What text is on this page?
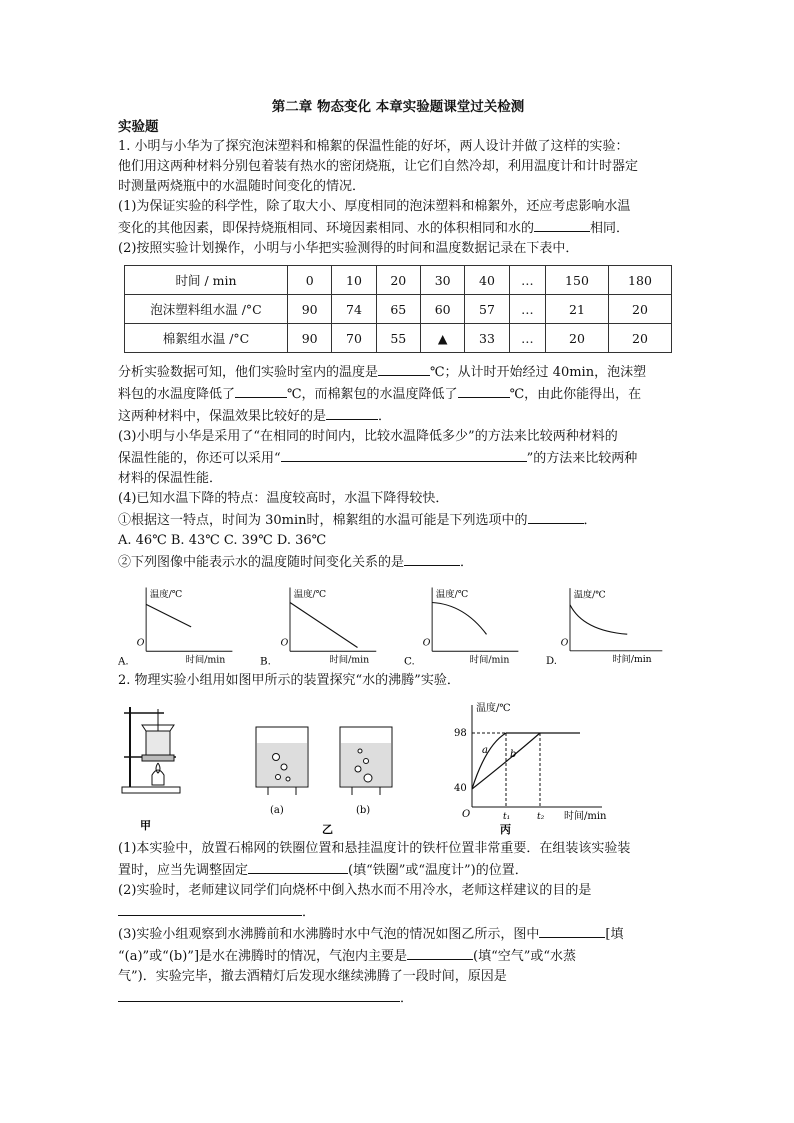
第二章 物态变化 本章实验题课堂过关检测
实验题

1. 小明与小华为了探究泡沫塑料和棉絮的保温性能的好坏，两人设计并做了这样的实验：

他们用这两种材料分别包着装有热水的密闭烧瓶，让它们自然冷却，利用温度计和计时器定

时测量两烧瓶中的水温随时间变化的情况．

(1)为保证实验的科学性，除了取大小、厚度相同的泡沫塑料和棉絮外，还应考虑影响水温

变化的其他因素，即保持烧瓶相同、环境因素相同、水的体积相同和水的	相同．

(2)按照实验计划操作，小明与小华把实验测得的时间和温度数据记录在下表中．

时间 / min	0	10	20	30	40	…	150	180
泡沫塑料组水温 /°C	90	74	65	60	57	…	21	20
棉絮组水温 /°C	90	70	55	▲	33	…	20	20

分析实验数据可知，他们实验时室内的温度是	℃；从计时开始经过 40min，泡沫塑

料包的水温度降低了	℃，而棉絮包的水温度降低了	℃，由此你能得出，在

这两种材料中，保温效果比较好的是	．

(3)小明与小华是采用了“在相同的时间内，比较水温降低多少”的方法来比较两种材料的

保温性能的，你还可以采用“	”的方法来比较两种

材料的保温性能．

(4)已知水温下降的特点：温度较高时，水温下降得较快．

①根据这一特点，时间为 30min时，棉絮组的水温可能是下列选项中的	．

A. 46℃ B. 43℃ C. 39℃ D. 36℃

②下列图像中能表示水的温度随时间变化关系的是	．

A.
温度/℃
时间/min
O
B.
温度/℃
时间/min
O
C.
温度/℃
时间/min
O
D.
温度/℃
时间/min
O

2. 物理实验小组用如图甲所示的装置探究“水的沸腾”实验．

甲
(a)	(b)
乙
温度/℃
时间/min
98
40
O
a b
t₁	t₂
丙

(1)本实验中，放置石棉网的铁圈位置和悬挂温度计的铁杆位置非常重要．在组装该实验装

置时，应当先调整固定	(填“铁圈”或“温度计”)的位置．

(2)实验时，老师建议同学们向烧杯中倒入热水而不用冷水，老师这样建议的目的是

．

(3)实验小组观察到水沸腾前和水沸腾时水中气泡的情况如图乙所示，图中	[填

“(a)”或“(b)”]是水在沸腾时的情况，气泡内主要是	(填“空气”或“水蒸

气”)．实验完毕，撤去酒精灯后发现水继续沸腾了一段时间，原因是

．
